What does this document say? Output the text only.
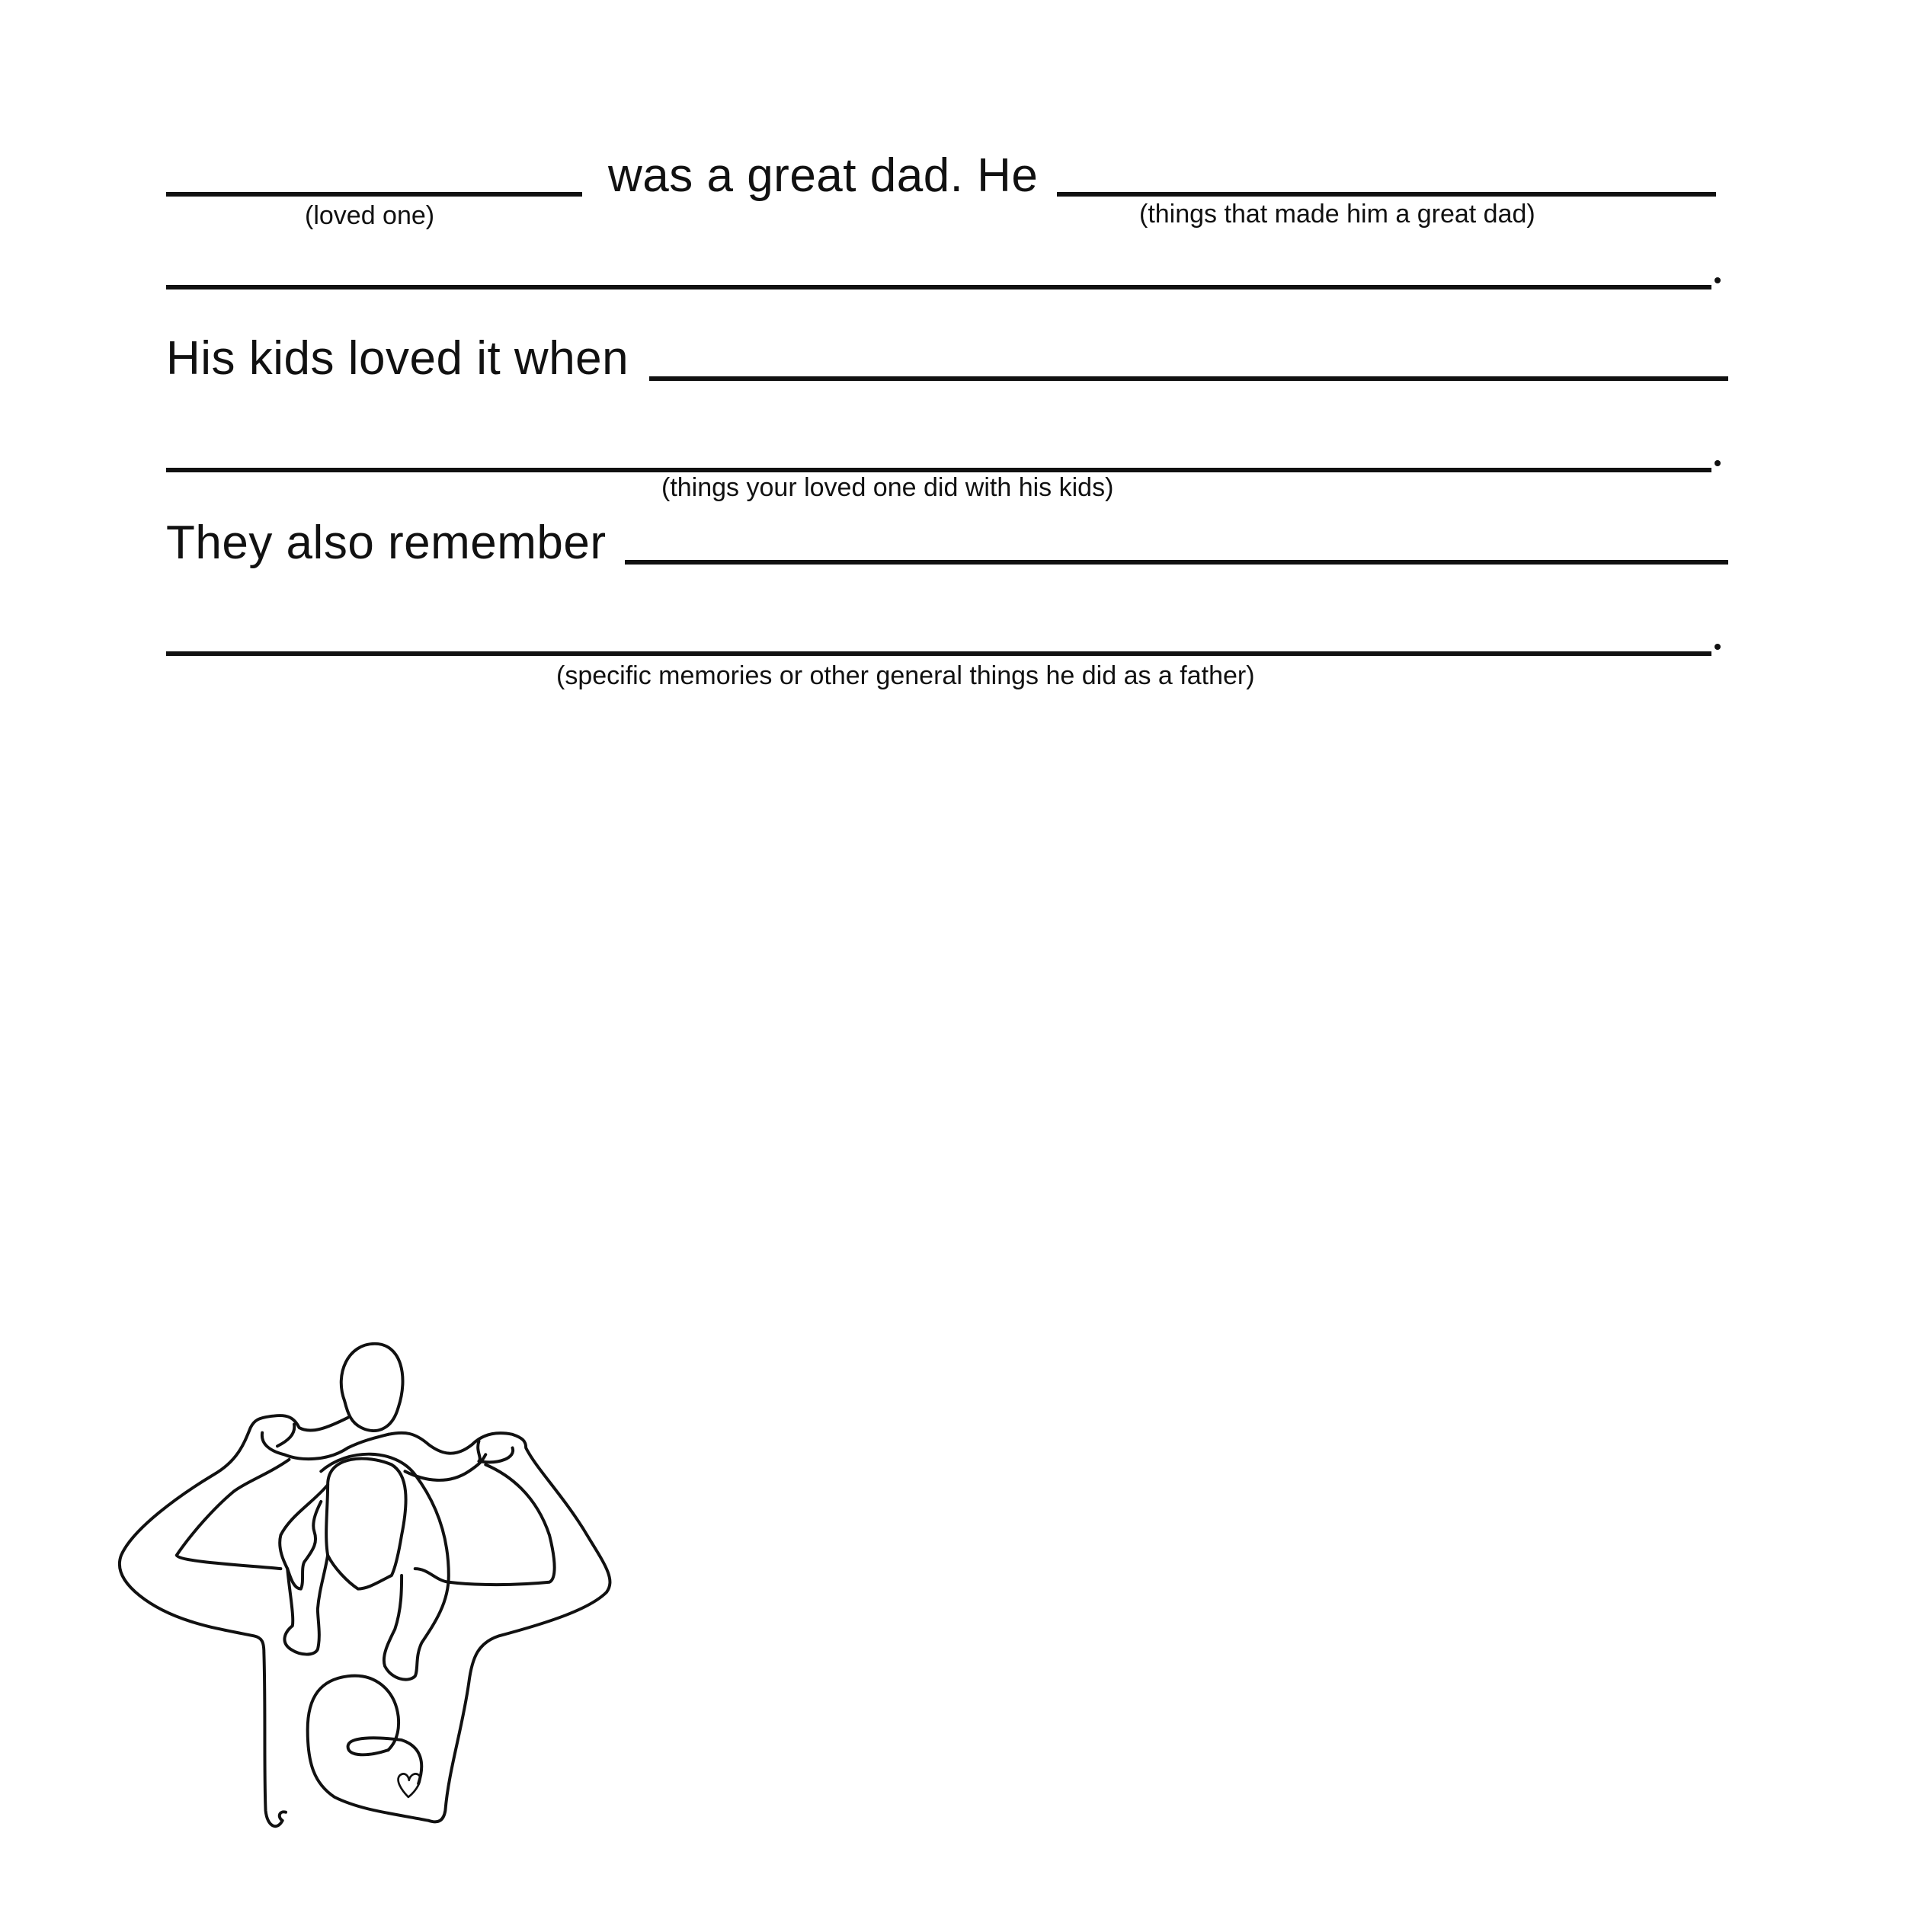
was a great dad. He
(loved one)	(things that made him a great dad)
His kids loved it when
(things your loved one did with his kids)
They also remember
(specific memories or other general things he did as a father)
